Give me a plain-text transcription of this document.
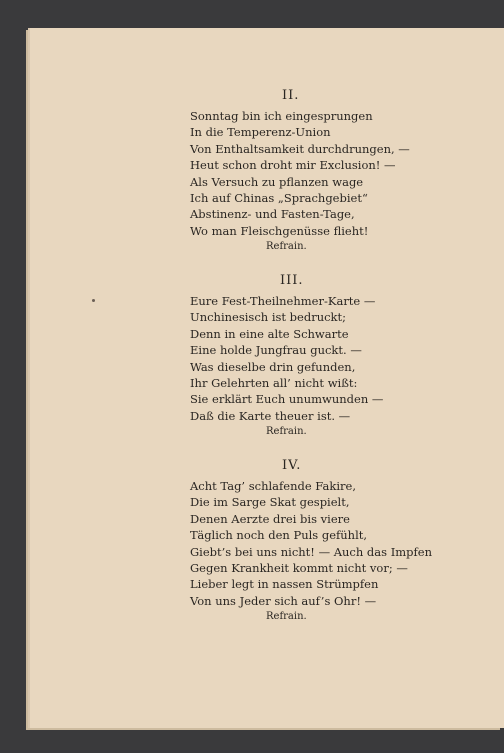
II.

Sonntag bin ich eingesprungen

In die Temperenz-Union

Von Enthaltsamkeit durchdrungen, —

Heut schon droht mir Exclusion! —

Als Versuch zu pflanzen wage

Ich auf Chinas „Sprachgebiet“

Abstinenz- und Fasten-Tage,

Wo man Fleischgenüsse flieht!

Refrain.

III.

Eure Fest-Theilnehmer-Karte —

Unchinesisch ist bedruckt;

Denn in eine alte Schwarte

Eine holde Jungfrau guckt. —

Was dieselbe drin gefunden,

Ihr Gelehrten all’ nicht wißt:

Sie erklärt Euch unumwunden —

Daß die Karte theuer ist. —

Refrain.

IV.

Acht Tag’ schlafende Fakire,

Die im Sarge Skat gespielt,

Denen Aerzte drei bis viere

Täglich noch den Puls gefühlt,

Giebt’s bei uns nicht! — Auch das Impfen

Gegen Krankheit kommt nicht vor; —

Lieber legt in nassen Strümpfen

Von uns Jeder sich auf’s Ohr! —

Refrain.
